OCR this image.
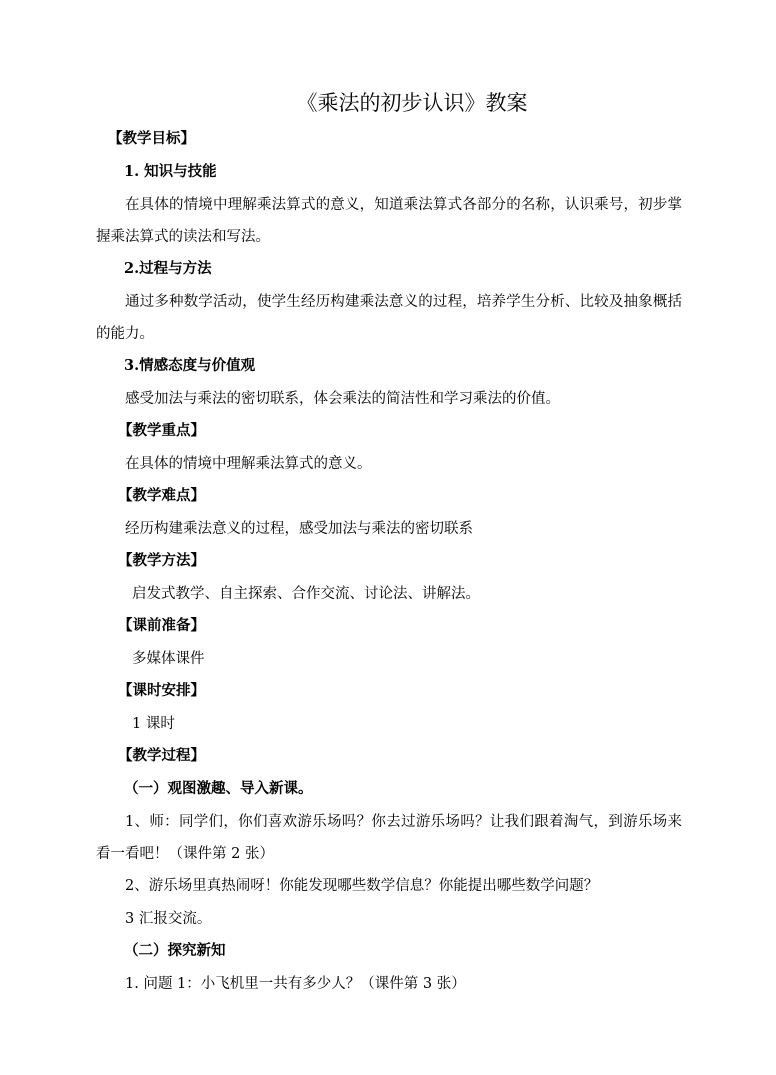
《乘法的初步认识》教案

【教学目标】

1. 知识与技能

在具体的情境中理解乘法算式的意义，知道乘法算式各部分的名称，认识乘号，初步掌握乘法算式的读法和写法。

2.过程与方法

通过多种数学活动，使学生经历构建乘法意义的过程，培养学生分析、比较及抽象概括的能力。

3.情感态度与价值观

感受加法与乘法的密切联系，体会乘法的简洁性和学习乘法的价值。

【教学重点】

在具体的情境中理解乘法算式的意义。

【教学难点】

经历构建乘法意义的过程，感受加法与乘法的密切联系

【教学方法】

启发式教学、自主探索、合作交流、讨论法、讲解法。

【课前准备】

多媒体课件

【课时安排】

1 课时

【教学过程】

（一）观图激趣、导入新课。

1、师：同学们，你们喜欢游乐场吗？你去过游乐场吗？让我们跟着淘气，到游乐场来看一看吧！（课件第 2 张）

2、游乐场里真热闹呀！你能发现哪些数学信息？你能提出哪些数学问题？

3 汇报交流。

（二）探究新知

1. 问题 1：小飞机里一共有多少人？（课件第 3 张）
